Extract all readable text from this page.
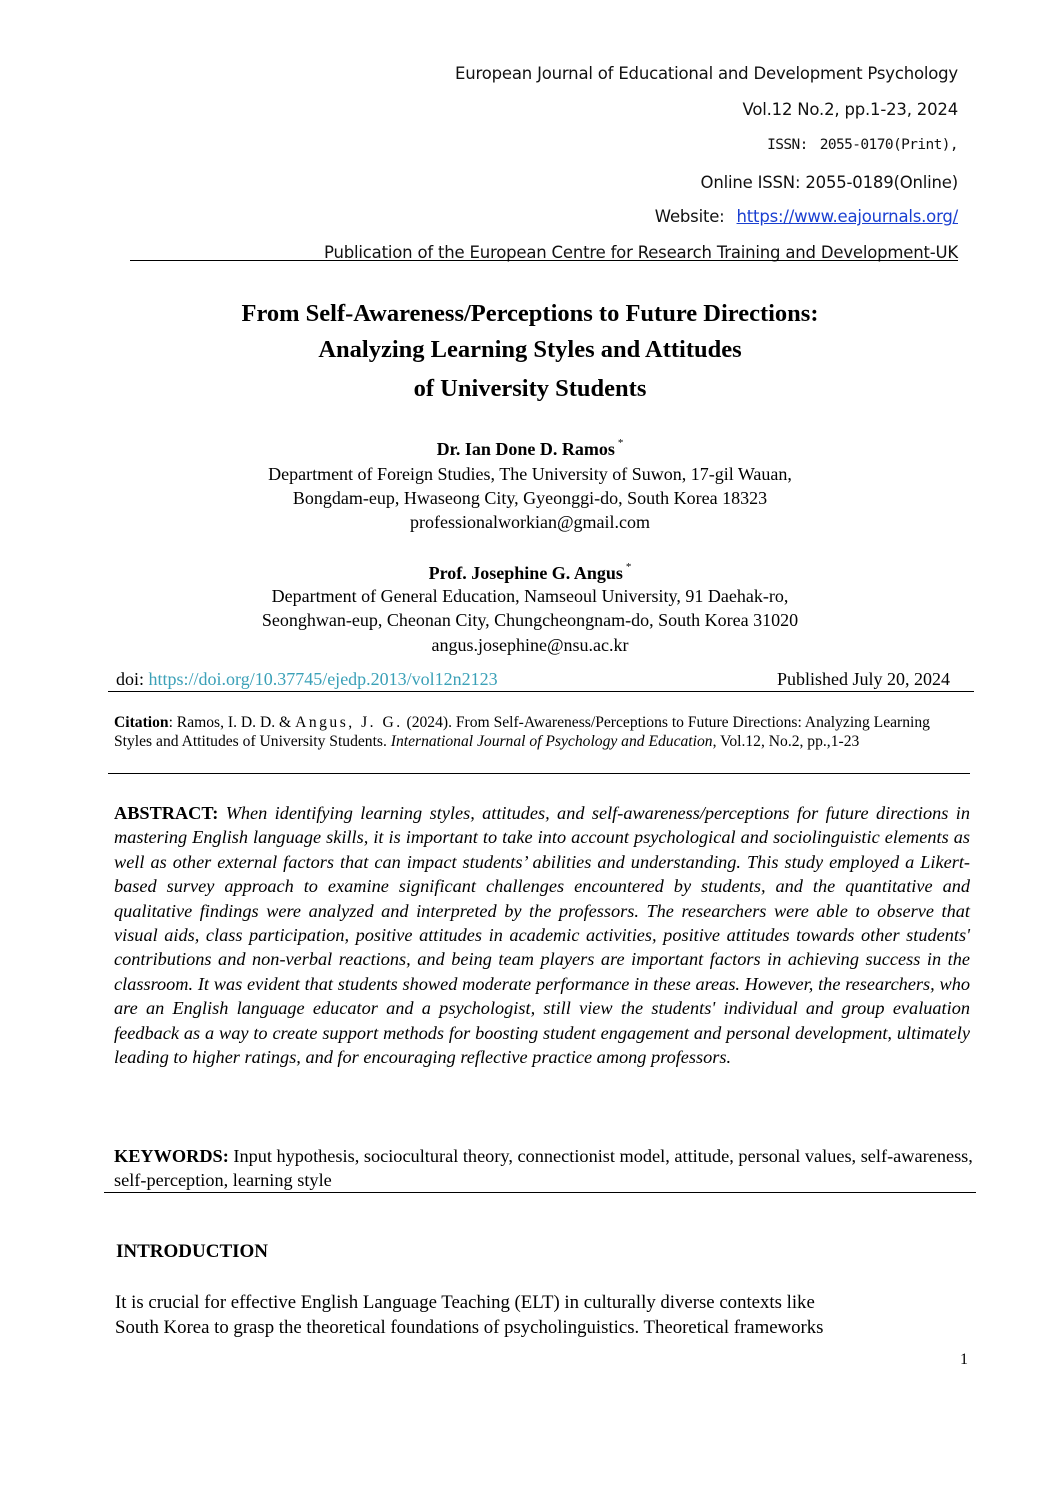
European Journal of Educational and Development Psychology
Vol.12 No.2, pp.1-23, 2024
ISSN: 2055-0170(Print),
Online ISSN: 2055-0189(Online)
Website: https://www.eajournals.org/
Publication of the European Centre for Research Training and Development-UK
From Self-Awareness/Perceptions to Future Directions:
Analyzing Learning Styles and Attitudes
of University Students
Dr. Ian Done D. Ramos *
Department of Foreign Studies, The University of Suwon, 17-gil Wauan,
Bongdam-eup, Hwaseong City, Gyeonggi-do, South Korea 18323
professionalworkian@gmail.com
Prof. Josephine G. Angus *
Department of General Education, Namseoul University, 91 Daehak-ro,
Seonghwan-eup, Cheonan City, Chungcheongnam-do, South Korea 31020
angus.josephine@nsu.ac.kr
doi: https://doi.org/10.37745/ejedp.2013/vol12n2123	Published July 20, 2024
Citation: Ramos, I. D. D. & Angus, J. G. (2024). From Self-Awareness/Perceptions to Future Directions: Analyzing Learning Styles and Attitudes of University Students. International Journal of Psychology and Education, Vol.12, No.2, pp.,1-23
ABSTRACT: When identifying learning styles, attitudes, and self-awareness/perceptions for future directions in mastering English language skills, it is important to take into account psychological and sociolinguistic elements as well as other external factors that can impact students’ abilities and understanding. This study employed a Likert-based survey approach to examine significant challenges encountered by students, and the quantitative and qualitative findings were analyzed and interpreted by the professors. The researchers were able to observe that visual aids, class participation, positive attitudes in academic activities, positive attitudes towards other students' contributions and non-verbal reactions, and being team players are important factors in achieving success in the classroom. It was evident that students showed moderate performance in these areas. However, the researchers, who are an English language educator and a psychologist, still view the students' individual and group evaluation feedback as a way to create support methods for boosting student engagement and personal development, ultimately leading to higher ratings, and for encouraging reflective practice among professors.
KEYWORDS: Input hypothesis, sociocultural theory, connectionist model, attitude, personal values, self-awareness, self-perception, learning style
INTRODUCTION
It is crucial for effective English Language Teaching (ELT) in culturally diverse contexts like
South Korea to grasp the theoretical foundations of psycholinguistics. Theoretical frameworks
1
